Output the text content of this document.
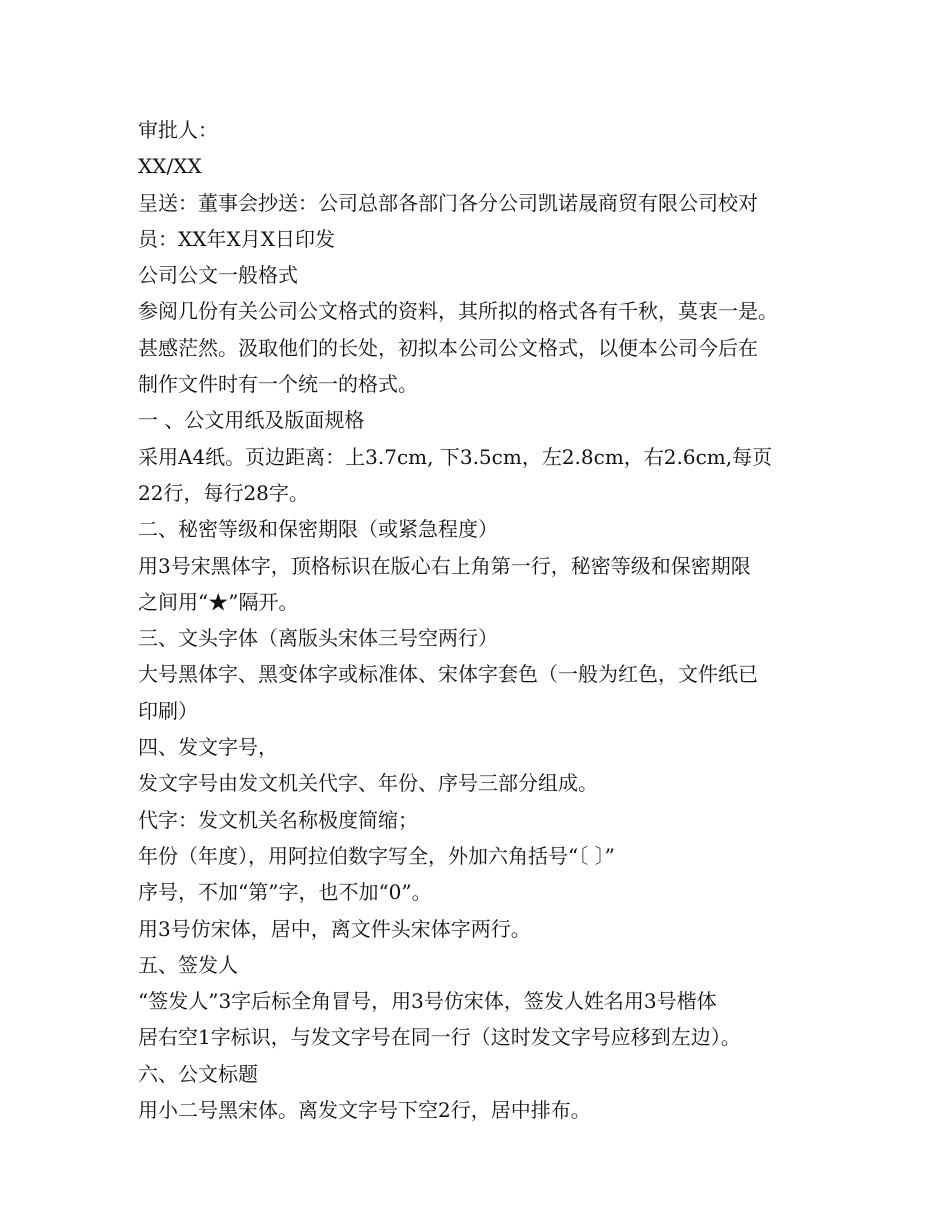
审批人：
XX/XX
呈送：董事会抄送：公司总部各部门各分公司凯诺晟商贸有限公司校对
员：XX年X月X日印发
公司公文一般格式
参阅几份有关公司公文格式的资料，其所拟的格式各有千秋，莫衷一是。
甚感茫然。汲取他们的长处，初拟本公司公文格式，以便本公司今后在
制作文件时有一个统一的格式。
一 、公文用纸及版面规格
采用A4纸。页边距离：上3.7cm, 下3.5cm，左2.8cm，右2.6cm,每页
22行，每行28字。
二、秘密等级和保密期限（或紧急程度）
用3号宋黑体字，顶格标识在版心右上角第一行，秘密等级和保密期限
之间用“★”隔开。
三、文头字体（离版头宋体三号空两行）
大号黑体字、黑变体字或标准体、宋体字套色（一般为红色，文件纸已
印刷）
四、发文字号，
发文字号由发文机关代字、年份、序号三部分组成。
代字：发文机关名称极度简缩；
年份（年度），用阿拉伯数字写全，外加六角括号“〔 〕”
序号，不加“第”字，也不加“0”。
用3号仿宋体，居中，离文件头宋体字两行。
五、签发人
“签发人”3字后标全角冒号，用3号仿宋体，签发人姓名用3号楷体
居右空1字标识，与发文字号在同一行（这时发文字号应移到左边）。
六、公文标题
用小二号黑宋体。离发文字号下空2行，居中排布。
